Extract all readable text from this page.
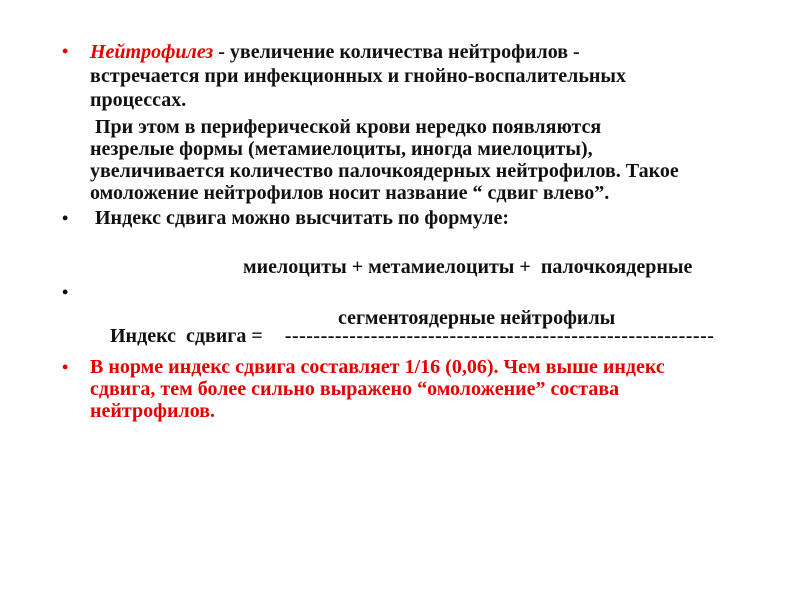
• Нейтрофилез - увеличение количества нейтрофилов -
встречается при инфекционных и гнойно-воспалительных
процессах.
При этом в периферической крови нередко появляются
незрелые формы (метамиелоциты, иногда миелоциты),
увеличивается количество палочкоядерных нейтрофилов. Такое
омоложение нейтрофилов носит название “ сдвиг влево”.
• Индекс сдвига можно высчитать по формуле:
миелоциты + метамиелоциты +  палочкоядерные

•

Индекс  сдвига = ------------------------------------------------------------

сегментоядерные нейтрофилы
• В норме индекс сдвига составляет 1/16 (0,06). Чем выше индекс
сдвига, тем более сильно выражено “омоложение” состава
нейтрофилов.
